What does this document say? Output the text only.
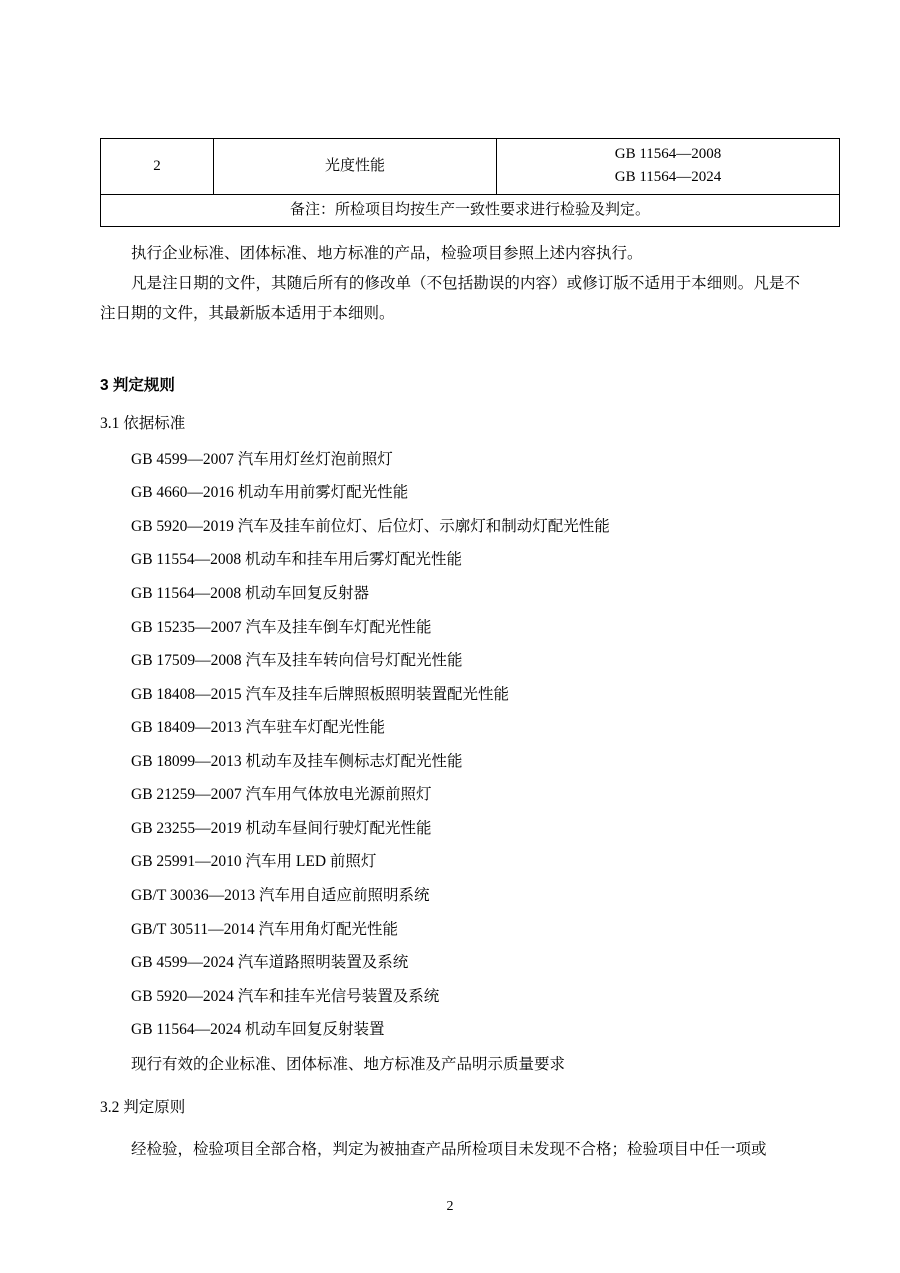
2	光度性能	
GB 11564—2008
GB 11564—2024

备注：所检项目均按生产一致性要求进行检验及判定。

执行企业标准、团体标准、地方标准的产品，检验项目参照上述内容执行。

凡是注日期的文件，其随后所有的修改单（不包括勘误的内容）或修订版不适用于本细则。凡是不注日期的文件，其最新版本适用于本细则。

3 判定规则
3.1 依据标准
GB 4599—2007 汽车用灯丝灯泡前照灯
GB 4660—2016 机动车用前雾灯配光性能
GB 5920—2019 汽车及挂车前位灯、后位灯、示廓灯和制动灯配光性能
GB 11554—2008 机动车和挂车用后雾灯配光性能
GB 11564—2008 机动车回复反射器
GB 15235—2007 汽车及挂车倒车灯配光性能
GB 17509—2008 汽车及挂车转向信号灯配光性能
GB 18408—2015 汽车及挂车后牌照板照明装置配光性能
GB 18409—2013 汽车驻车灯配光性能
GB 18099—2013 机动车及挂车侧标志灯配光性能
GB 21259—2007 汽车用气体放电光源前照灯
GB 23255—2019 机动车昼间行驶灯配光性能
GB 25991—2010 汽车用 LED 前照灯
GB/T 30036—2013 汽车用自适应前照明系统
GB/T 30511—2014 汽车用角灯配光性能
GB 4599—2024 汽车道路照明装置及系统
GB 5920—2024 汽车和挂车光信号装置及系统
GB 11564—2024 机动车回复反射装置

现行有效的企业标准、团体标准、地方标准及产品明示质量要求

3.2 判定原则

经检验，检验项目全部合格，判定为被抽查产品所检项目未发现不合格；检验项目中任一项或

2
